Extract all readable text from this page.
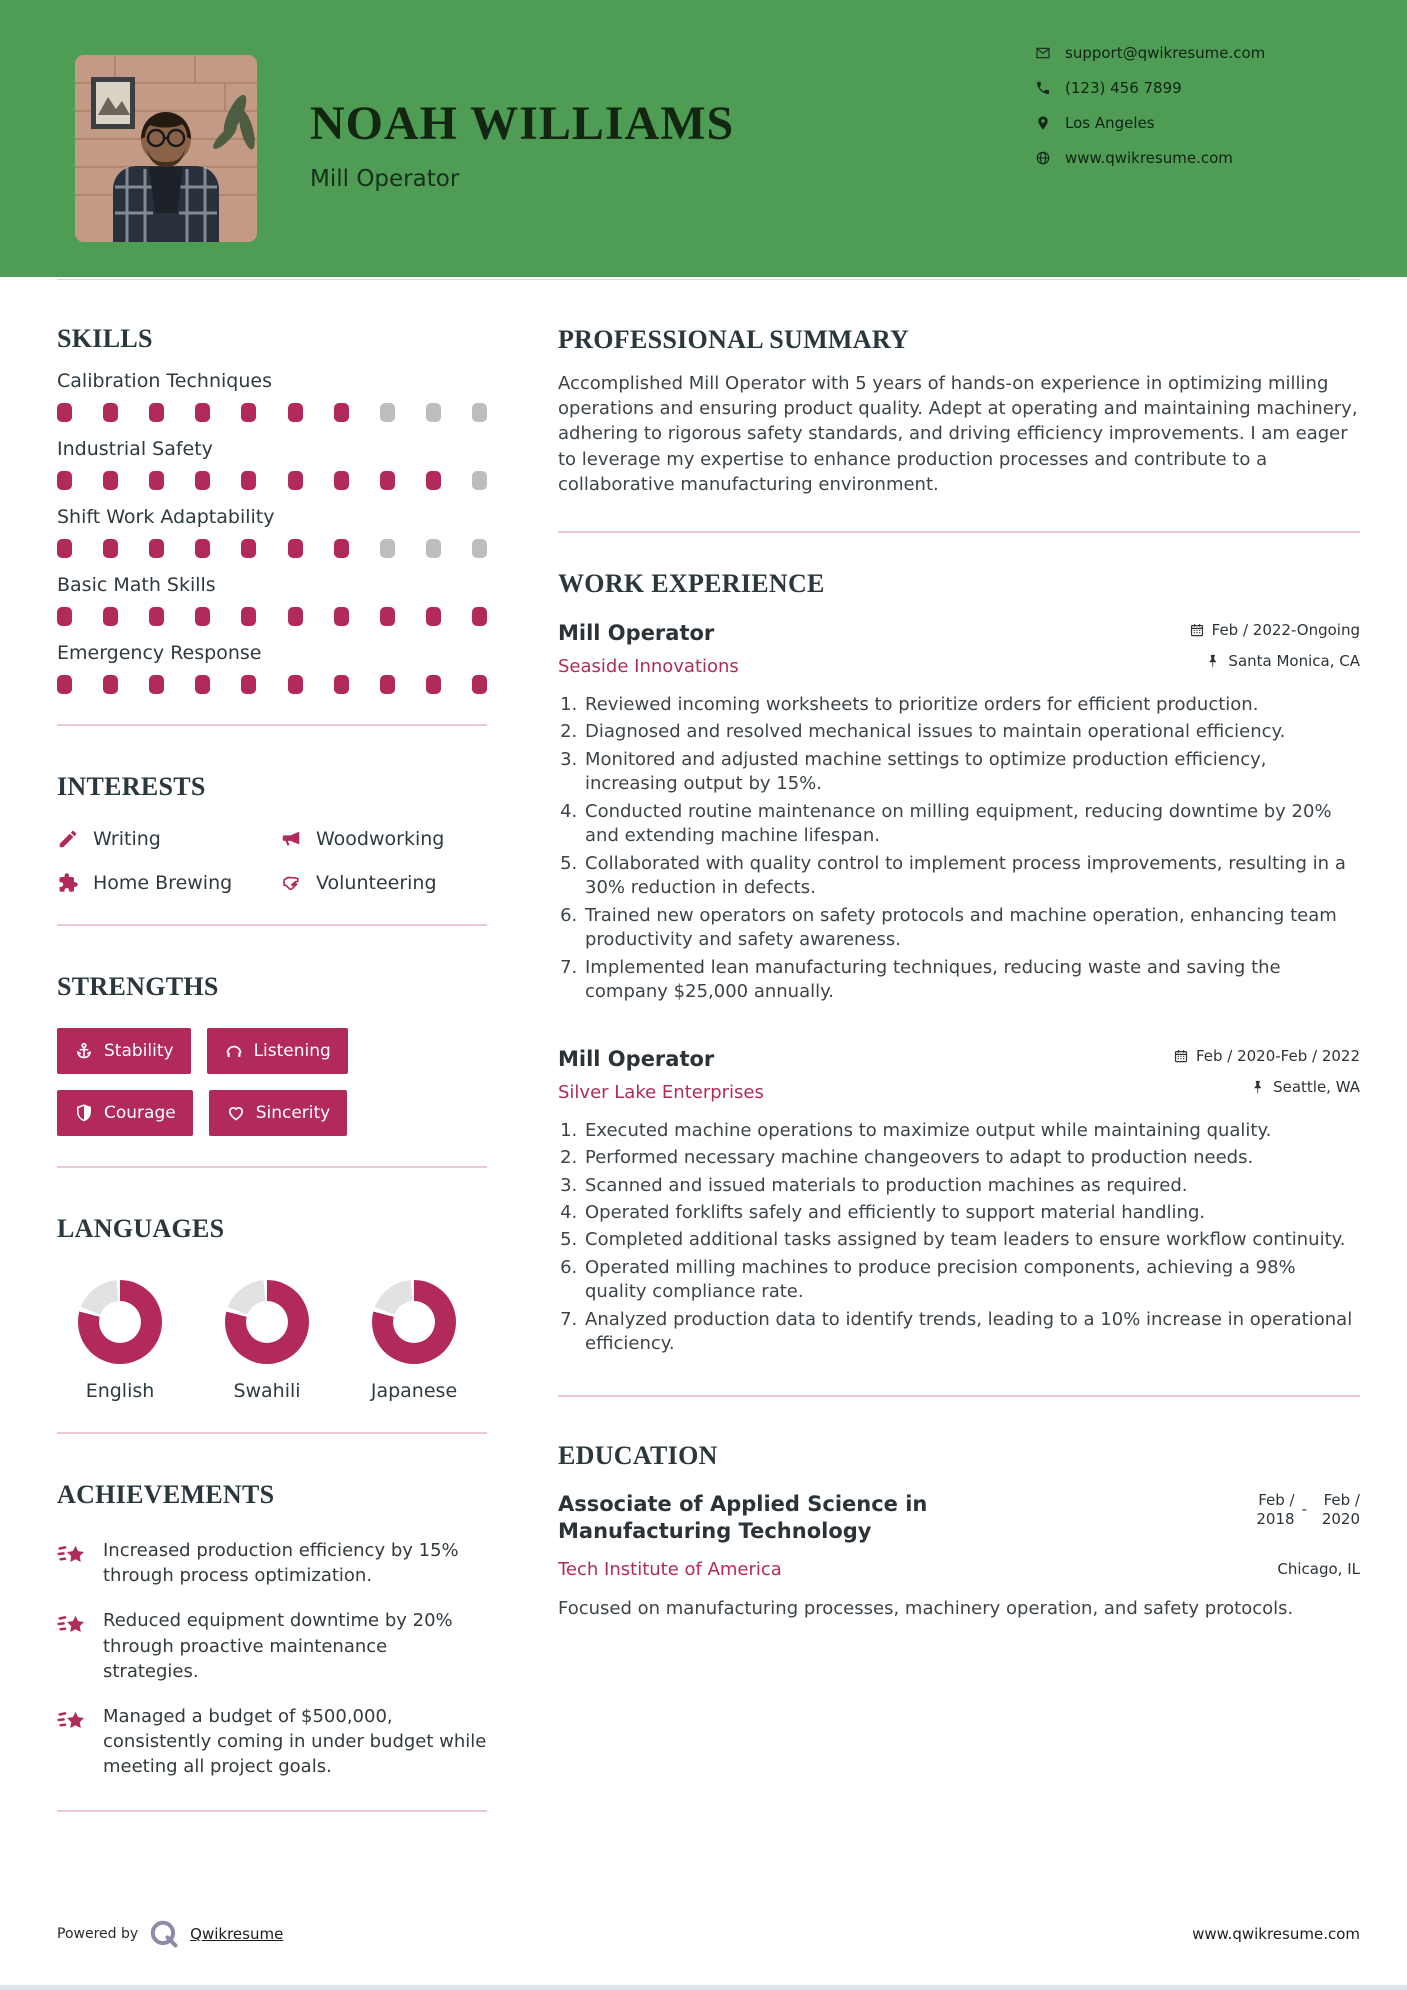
NOAH WILLIAMS
Mill Operator
support@qwikresume.com
(123) 456 7899
Los Angeles
www.qwikresume.com
SKILLS
Calibration Techniques
Industrial Safety
Shift Work Adaptability
Basic Math Skills
Emergency Response
INTERESTS
Writing	Woodworking
Home Brewing	Volunteering
STRENGTHS
Stability	Listening
Courage	Sincerity
LANGUAGES
English	Swahili	Japanese
ACHIEVEMENTS
Increased production efficiency by 15% through process optimization.
Reduced equipment downtime by 20% through proactive maintenance strategies.
Managed a budget of $500,000, consistently coming in under budget while meeting all project goals.
PROFESSIONAL SUMMARY

Accomplished Mill Operator with 5 years of hands-on experience in optimizing milling operations and ensuring product quality. Adept at operating and maintaining machinery, adhering to rigorous safety standards, and driving efficiency improvements. I am eager to leverage my expertise to enhance production processes and contribute to a collaborative manufacturing environment.

WORK EXPERIENCE
Mill Operator
Seaside Innovations
Feb / 2022-Ongoing
Santa Monica, CA
1. Reviewed incoming worksheets to prioritize orders for efficient production.
2. Diagnosed and resolved mechanical issues to maintain operational efficiency.
3. Monitored and adjusted machine settings to optimize production efficiency, increasing output by 15%.
4. Conducted routine maintenance on milling equipment, reducing downtime by 20% and extending machine lifespan.
5. Collaborated with quality control to implement process improvements, resulting in a 30% reduction in defects.
6. Trained new operators on safety protocols and machine operation, enhancing team productivity and safety awareness.
7. Implemented lean manufacturing techniques, reducing waste and saving the company $25,000 annually.
Mill Operator
Silver Lake Enterprises
Feb / 2020-Feb / 2022
Seattle, WA
1. Executed machine operations to maximize output while maintaining quality.
2. Performed necessary machine changeovers to adapt to production needs.
3. Scanned and issued materials to production machines as required.
4. Operated forklifts safely and efficiently to support material handling.
5. Completed additional tasks assigned by team leaders to ensure workflow continuity.
6. Operated milling machines to produce precision components, achieving a 98% quality compliance rate.
7. Analyzed production data to identify trends, leading to a 10% increase in operational efficiency.
EDUCATION
Associate of Applied Science in Manufacturing Technology
Feb / 2018
-	Feb / 2020
Tech Institute of America	Chicago, IL

Focused on manufacturing processes, machinery operation, and safety protocols.

Powered by	Qwikresume	www.qwikresume.com
